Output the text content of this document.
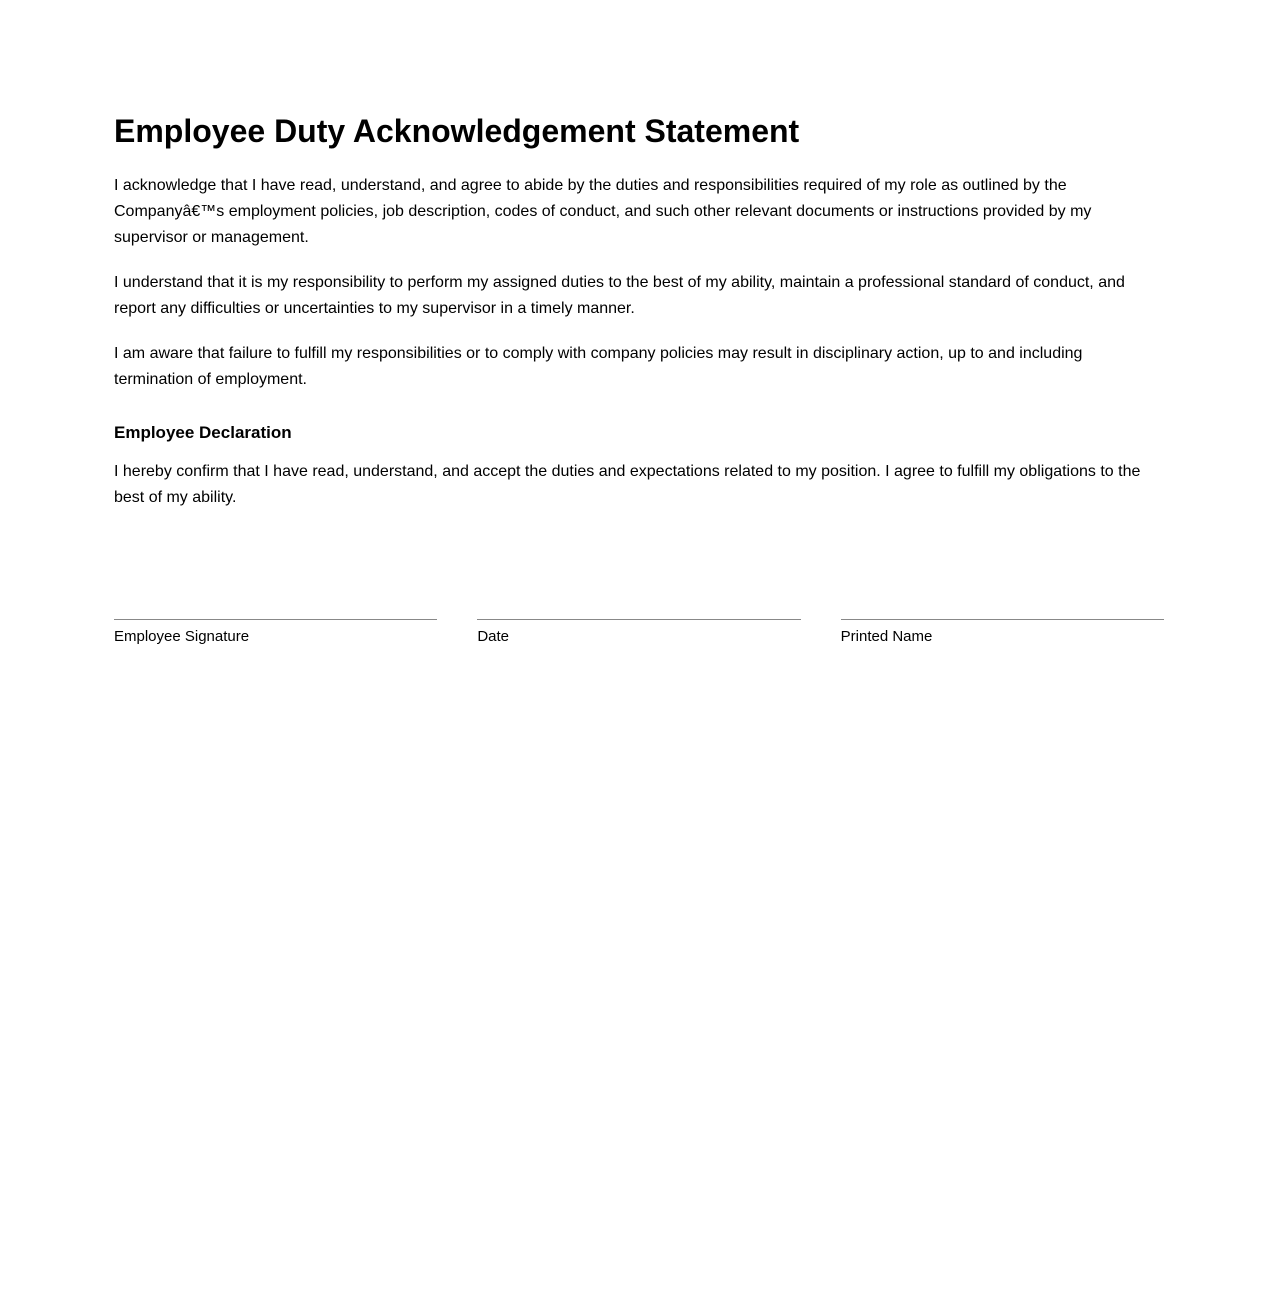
Employee Duty Acknowledgement Statement

I acknowledge that I have read, understand, and agree to abide by the duties and responsibilities required of my role as outlined by the Companyâ€™s employment policies, job description, codes of conduct, and such other relevant documents or instructions provided by my supervisor or management.

I understand that it is my responsibility to perform my assigned duties to the best of my ability, maintain a professional standard of conduct, and report any difficulties or uncertainties to my supervisor in a timely manner.

I am aware that failure to fulfill my responsibilities or to comply with company policies may result in disciplinary action, up to and including termination of employment.

Employee Declaration

I hereby confirm that I have read, understand, and accept the duties and expectations related to my position. I agree to fulfill my obligations to the best of my ability.

Employee Signature	Date	Printed Name
